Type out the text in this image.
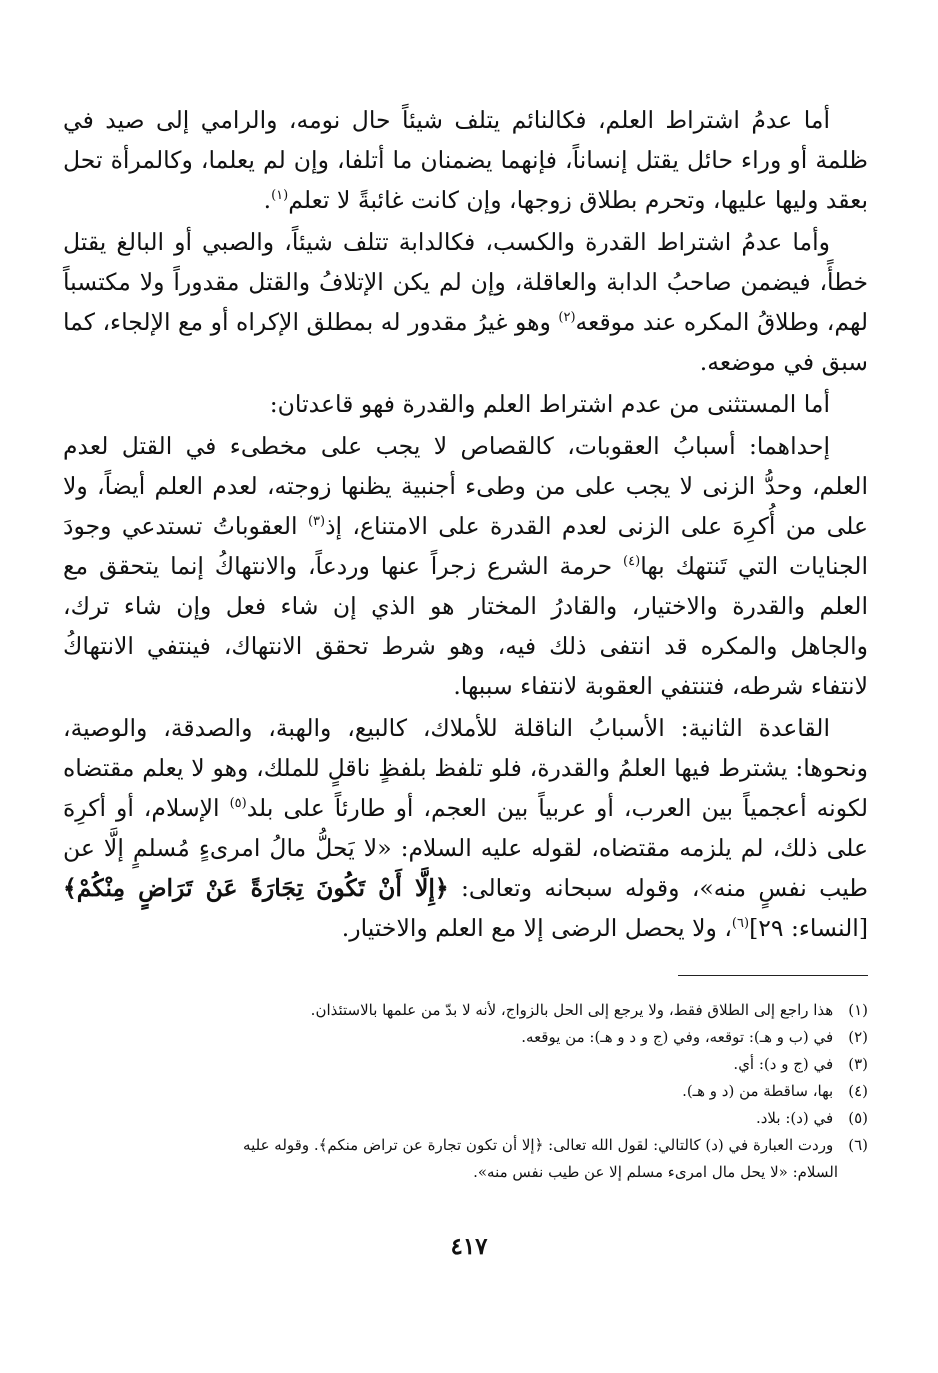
أما عدمُ اشتراط العلم، فكالنائم يتلف شيئاً حال نومه، والرامي إلى صيد في ظلمة أو وراء حائل يقتل إنساناً، فإنهما يضمنان ما أتلفا، وإن لم يعلما، وكالمرأة تحل بعقد وليها عليها، وتحرم بطلاق زوجها، وإن كانت غائبةً لا تعلم$^{(١)}$.

وأما عدمُ اشتراط القدرة والكسب، فكالدابة تتلف شيئاً، والصبي أو البالغ يقتل خطأً، فيضمن صاحبُ الدابة والعاقلة، وإن لم يكن الإتلافُ والقتل مقدوراً ولا مكتسباً لهم، وطلاقُ المكره عند موقعه$^{(٢)}$ وهو غيرُ مقدور له بمطلق الإكراه أو مع الإلجاء، كما سبق في موضعه.

أما المستثنى من عدم اشتراط العلم والقدرة فهو قاعدتان:

إحداهما: أسبابُ العقوبات، كالقصاص لا يجب على مخطىء في القتل لعدم العلم، وحدُّ الزنى لا يجب على من وطىء أجنبية يظنها زوجته، لعدم العلم أيضاً، ولا على من أُكرِهَ على الزنى لعدم القدرة على الامتناع، إذ$^{(٣)}$ العقوباتُ تستدعي وجودَ الجنايات التي تَنتهك بها$^{(٤)}$ حرمة الشرع زجراً عنها وردعاً، والانتهاكُ إنما يتحقق مع العلم والقدرة والاختيار، والقادرُ المختار هو الذي إن شاء فعل وإن شاء ترك، والجاهل والمكره قد انتفى ذلك فيه، وهو شرط تحقق الانتهاك، فينتفي الانتهاكُ لانتفاء شرطه، فتنتفي العقوبة لانتفاء سببها.

القاعدة الثانية: الأسبابُ الناقلة للأملاك، كالبيع، والهبة، والصدقة، والوصية، ونحوها: يشترط فيها العلمُ والقدرة، فلو تلفظ بلفظٍ ناقلٍ للملك، وهو لا يعلم مقتضاه لكونه أعجمياً بين العرب، أو عربياً بين العجم، أو طارئاً على بلد$^{(٥)}$ الإسلام، أو أكرِهَ على ذلك، لم يلزمه مقتضاه، لقوله عليه السلام: «لا يَحلُّ مالُ امرىءٍ مُسلمٍ إلَّا عن طيب نفسٍ منه»، وقوله سبحانه وتعالى: ﴿إِلَّا أَنْ تَكُونَ تِجَارَةً عَنْ تَرَاضٍ مِنْكُمْ﴾ [النساء: ٢٩]$^{(٦)}$، ولا يحصل الرضى إلا مع العلم والاختيار.

(١) هذا راجع إلى الطلاق فقط، ولا يرجع إلى الحل بالزواج، لأنه لا بدّ من علمها بالاستئذان.

(٢) في (ب و هـ): توقعه، وفي (ج و د و هـ): من يوقعه.

(٣) في (ج و د): أي.

(٤) بها، ساقطة من (د و هـ).

(٥) في (د): بلاد.

(٦) وردت العبارة في (د) كالتالي: لقول الله تعالى: ﴿إلا أن تكون تجارة عن تراض منكم﴾. وقوله عليه

السلام: «لا يحل مال امرىء مسلم إلا عن طيب نفس منه».

٤١٧
